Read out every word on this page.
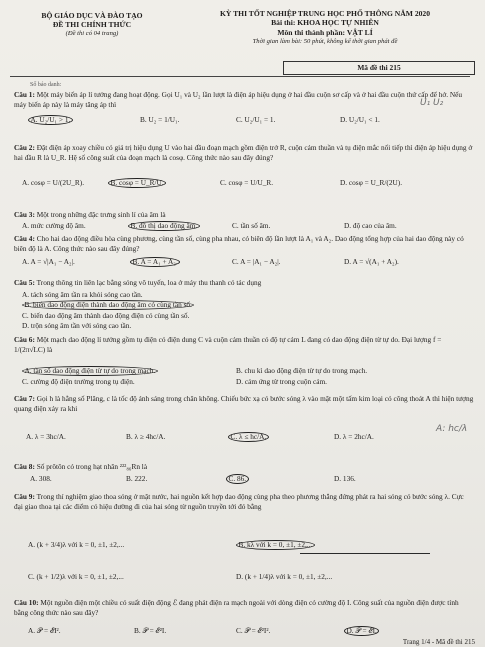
BỘ GIÁO DỤC VÀ ĐÀO TẠO
ĐỀ THI CHÍNH THỨC
(Đề thi có 04 trang)
KỲ THI TỐT NGHIỆP TRUNG HỌC PHỔ THÔNG NĂM 2020
Bài thi: KHOA HỌC TỰ NHIÊN
Môn thi thành phần: VẬT LÍ
Thời gian làm bài: 50 phút, không kể thời gian phát đề
Mã đề thi 215
Số báo danh:
Câu 1: Một máy biến áp lí tưởng đang hoạt động. Gọi U₁ và U₂ lần lượt là điện áp hiệu dụng ở hai đầu cuộn sơ cấp và ở hai đầu cuộn thứ cấp để hở. Nếu máy biến áp này là máy tăng áp thì
A. U₂/U₁ > 1.	B. U₂ = 1/U₁.	C. U₂/U₁ = 1.	D. U₂/U₁ < 1.
U₁ U₂
Câu 2: Đặt điện áp xoay chiều có giá trị hiệu dụng U vào hai đầu đoạn mạch gồm điện trở R, cuộn cảm thuần và tụ điện mắc nối tiếp thì điện áp hiệu dụng ở hai đầu R là U_R. Hệ số công suất của đoạn mạch là cosφ. Công thức nào sau đây đúng?
A. cosφ = U/(2U_R).	B. cosφ = U_R/U.	C. cosφ = U/U_R.	D. cosφ = U_R/(2U).
Câu 3: Một trong những đặc trưng sinh lí của âm là
A. mức cường độ âm.	B. đồ thị dao động âm.	C. tần số âm.	D. độ cao của âm.
Câu 4: Cho hai dao động điều hòa cùng phương, cùng tần số, cùng pha nhau, có biên độ lần lượt là A₁ và A₂. Dao động tổng hợp của hai dao động này có biên độ là A. Công thức nào sau đây đúng?
A. A = √|A₁ − A₂|.	B. A = A₁ + A₂.	C. A = |A₁ − A₂|.	D. A = √(A₁ + A₂).
Câu 5: Trong thông tin liên lạc bằng sóng vô tuyến, loa ở máy thu thanh có tác dụng
A. tách sóng âm tần ra khỏi sóng cao tần.
B. biến dao động điện thành dao động âm có cùng tần số.
C. biến dao động âm thành dao động điện có cùng tần số.
D. trộn sóng âm tần với sóng cao tần.
Câu 6: Một mạch dao động lí tưởng gồm tụ điện có điện dung C và cuộn cảm thuần có độ tự cảm L đang có dao động điện từ tự do. Đại lượng f = 1/(2π√LC) là
A. tần số dao động điện từ tự do trong mạch.	B. chu kì dao động điện từ tự do trong mạch.
C. cường độ điện trường trong tụ điện.	D. cảm ứng từ trong cuộn cảm.
Câu 7: Gọi h là hằng số Plăng, c là tốc độ ánh sáng trong chân không. Chiếu bức xạ có bước sóng λ vào mặt một tấm kim loại có công thoát A thì hiện tượng quang điện xảy ra khi
A. λ = 3hc/A.	B. λ ≥ 4hc/A.	C. λ ≤ hc/A.	D. λ = 2hc/A.
A: hc/λ
Câu 8: Số prôtôn có trong hạt nhân ²²²₈₆Rn là
A. 308.	B. 222.	C. 86.	D. 136.
Câu 9: Trong thí nghiệm giao thoa sóng ở mặt nước, hai nguồn kết hợp dao động cùng pha theo phương thẳng đứng phát ra hai sóng có bước sóng λ. Cực đại giao thoa tại các điểm có hiệu đường đi của hai sóng từ nguồn truyền tới đó bằng
A. (k + 3/4)λ với k = 0, ±1, ±2,...	B. kλ với k = 0, ±1, ±2,...
C. (k + 1/2)λ với k = 0, ±1, ±2,...	D. (k + 1/4)λ với k = 0, ±1, ±2,...
Câu 10: Một nguồn điện một chiều có suất điện động ℰ đang phát điện ra mạch ngoài với dòng điện có cường độ I. Công suất của nguồn điện được tính bằng công thức nào sau đây?
A. 𝒫 = ℰI².	B. 𝒫 = ℰ²I.	C. 𝒫 = ℰ²I².	D. 𝒫 = ℰI.
Trang 1/4 - Mã đề thi 215
